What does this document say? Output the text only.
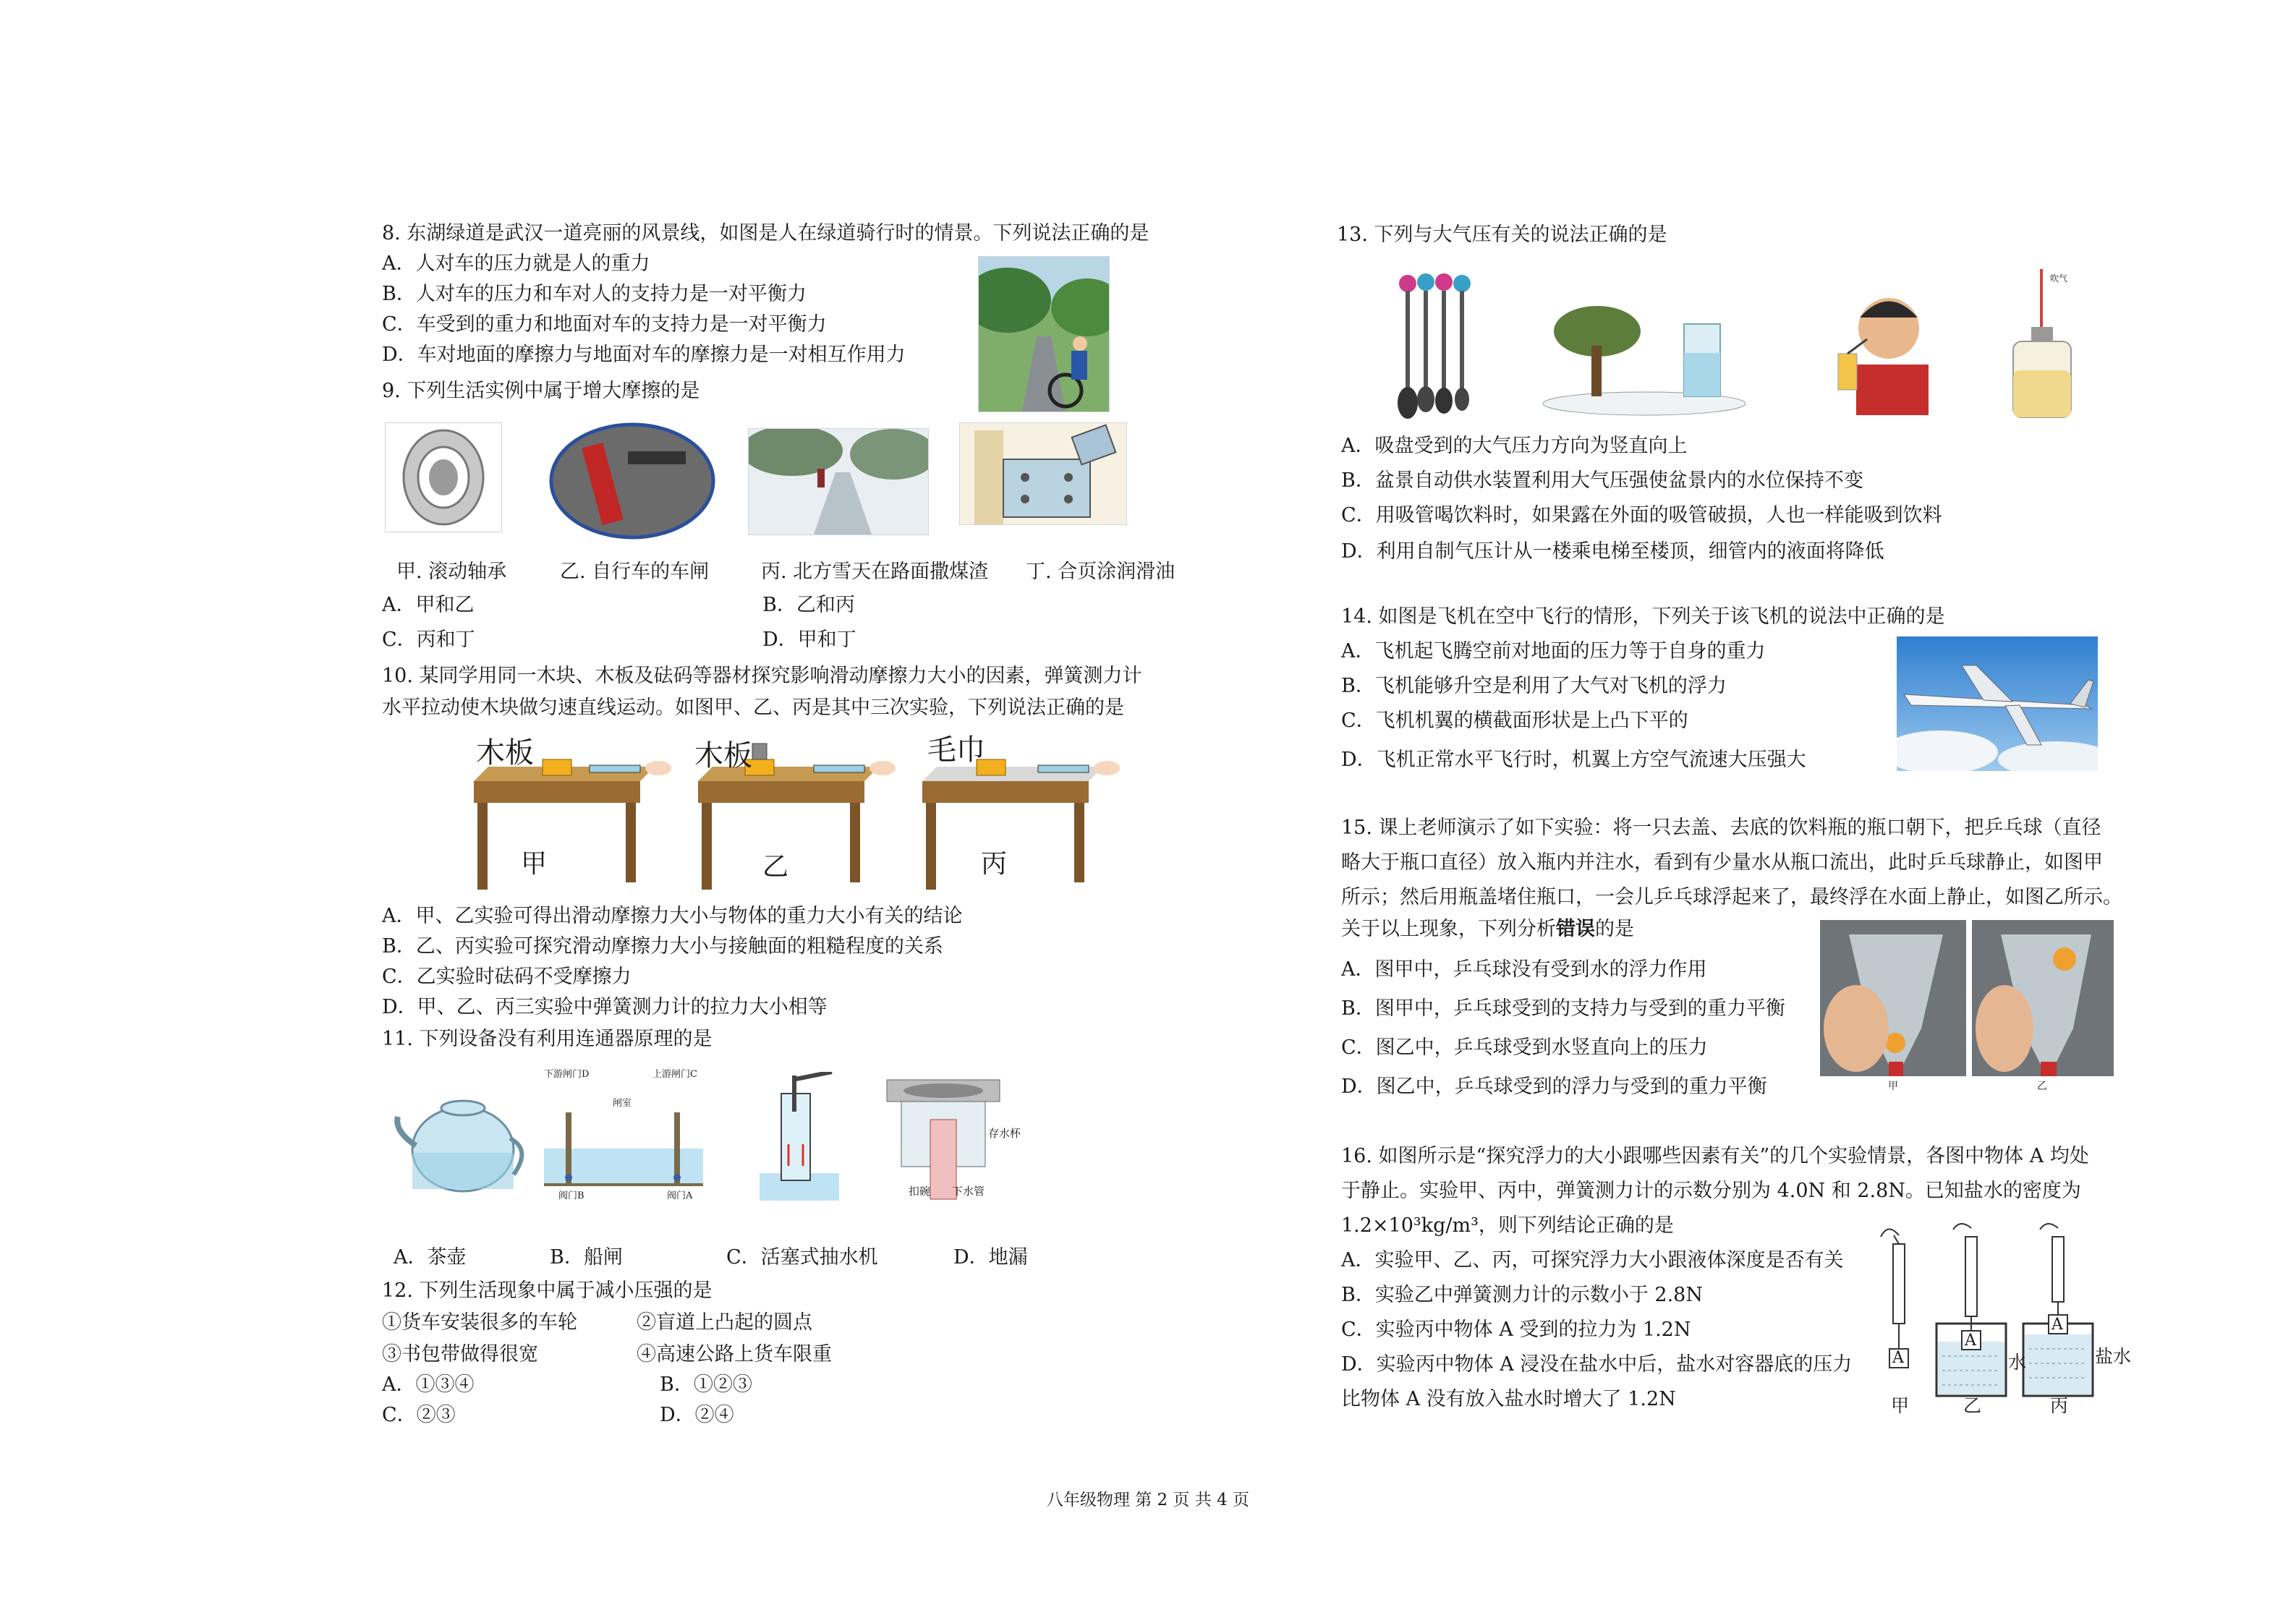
8. 东湖绿道是武汉一道亮丽的风景线，如图是人在绿道骑行时的情景。下列说法正确的是
A．人对车的压力就是人的重力
B．人对车的压力和车对人的支持力是一对平衡力
C．车受到的重力和地面对车的支持力是一对平衡力
D．车对地面的摩擦力与地面对车的摩擦力是一对相互作用力
9. 下列生活实例中属于增大摩擦的是
甲. 滚动轴承	乙. 自行车的车闸	丙. 北方雪天在路面撒煤渣 丁. 合页涂润滑油
A．甲和乙	B．乙和丙
C．丙和丁	D．甲和丁
10. 某同学用同一木块、木板及砝码等器材探究影响滑动摩擦力大小的因素，弹簧测力计
水平拉动使木块做匀速直线运动。如图甲、乙、丙是其中三次实验，下列说法正确的是
木板	木板	毛巾
甲	乙	丙
A．甲、乙实验可得出滑动摩擦力大小与物体的重力大小有关的结论
B．乙、丙实验可探究滑动摩擦力大小与接触面的粗糙程度的关系
C．乙实验时砝码不受摩擦力
D．甲、乙、丙三实验中弹簧测力计的拉力大小相等
11. 下列设备没有利用连通器原理的是
下游闸门D	上游闸门C
闸室
阀门B	阀门A
存水杯
下水管
扣碗
A．茶壶	B．船闸	C．活塞式抽水机	D．地漏
12. 下列生活现象中属于减小压强的是
①货车安装很多的车轮	②盲道上凸起的圆点
③书包带做得很宽	④高速公路上货车限重
A．①③④	B．①②③
C．②③	D．②④
13. 下列与大气压有关的说法正确的是
吹气
A．吸盘受到的大气压力方向为竖直向上
B．盆景自动供水装置利用大气压强使盆景内的水位保持不变
C．用吸管喝饮料时，如果露在外面的吸管破损，人也一样能吸到饮料
D．利用自制气压计从一楼乘电梯至楼顶，细管内的液面将降低
14. 如图是飞机在空中飞行的情形，下列关于该飞机的说法中正确的是
A．飞机起飞腾空前对地面的压力等于自身的重力
B．飞机能够升空是利用了大气对飞机的浮力
C．飞机机翼的横截面形状是上凸下平的
D．飞机正常水平飞行时，机翼上方空气流速大压强大
15. 课上老师演示了如下实验：将一只去盖、去底的饮料瓶的瓶口朝下，把乒乓球（直径
略大于瓶口直径）放入瓶内并注水，看到有少量水从瓶口流出，此时乒乓球静止，如图甲
所示；然后用瓶盖堵住瓶口，一会儿乒乓球浮起来了，最终浮在水面上静止，如图乙所示。
关于以上现象，下列分析错误的是
A．图甲中，乒乓球没有受到水的浮力作用
B．图甲中，乒乓球受到的支持力与受到的重力平衡
C．图乙中，乒乓球受到水竖直向上的压力
D．图乙中，乒乓球受到的浮力与受到的重力平衡	甲	乙
16. 如图所示是“探究浮力的大小跟哪些因素有关”的几个实验情景，各图中物体 A 均处
于静止。实验甲、丙中，弹簧测力计的示数分别为 4.0N 和 2.8N。已知盐水的密度为
1.2×10³kg/m³，则下列结论正确的是
A．实验甲、乙、丙，可探究浮力大小跟液体深度是否有关
B．实验乙中弹簧测力计的示数小于 2.8N
C．实验丙中物体 A 受到的拉力为 1.2N
D．实验丙中物体 A 浸没在盐水中后，盐水对容器底的压力
比物体 A 没有放入盐水时增大了 1.2N
A
A
A
水	盐水
甲	乙	丙
八年级物理 第 2 页 共 4 页
